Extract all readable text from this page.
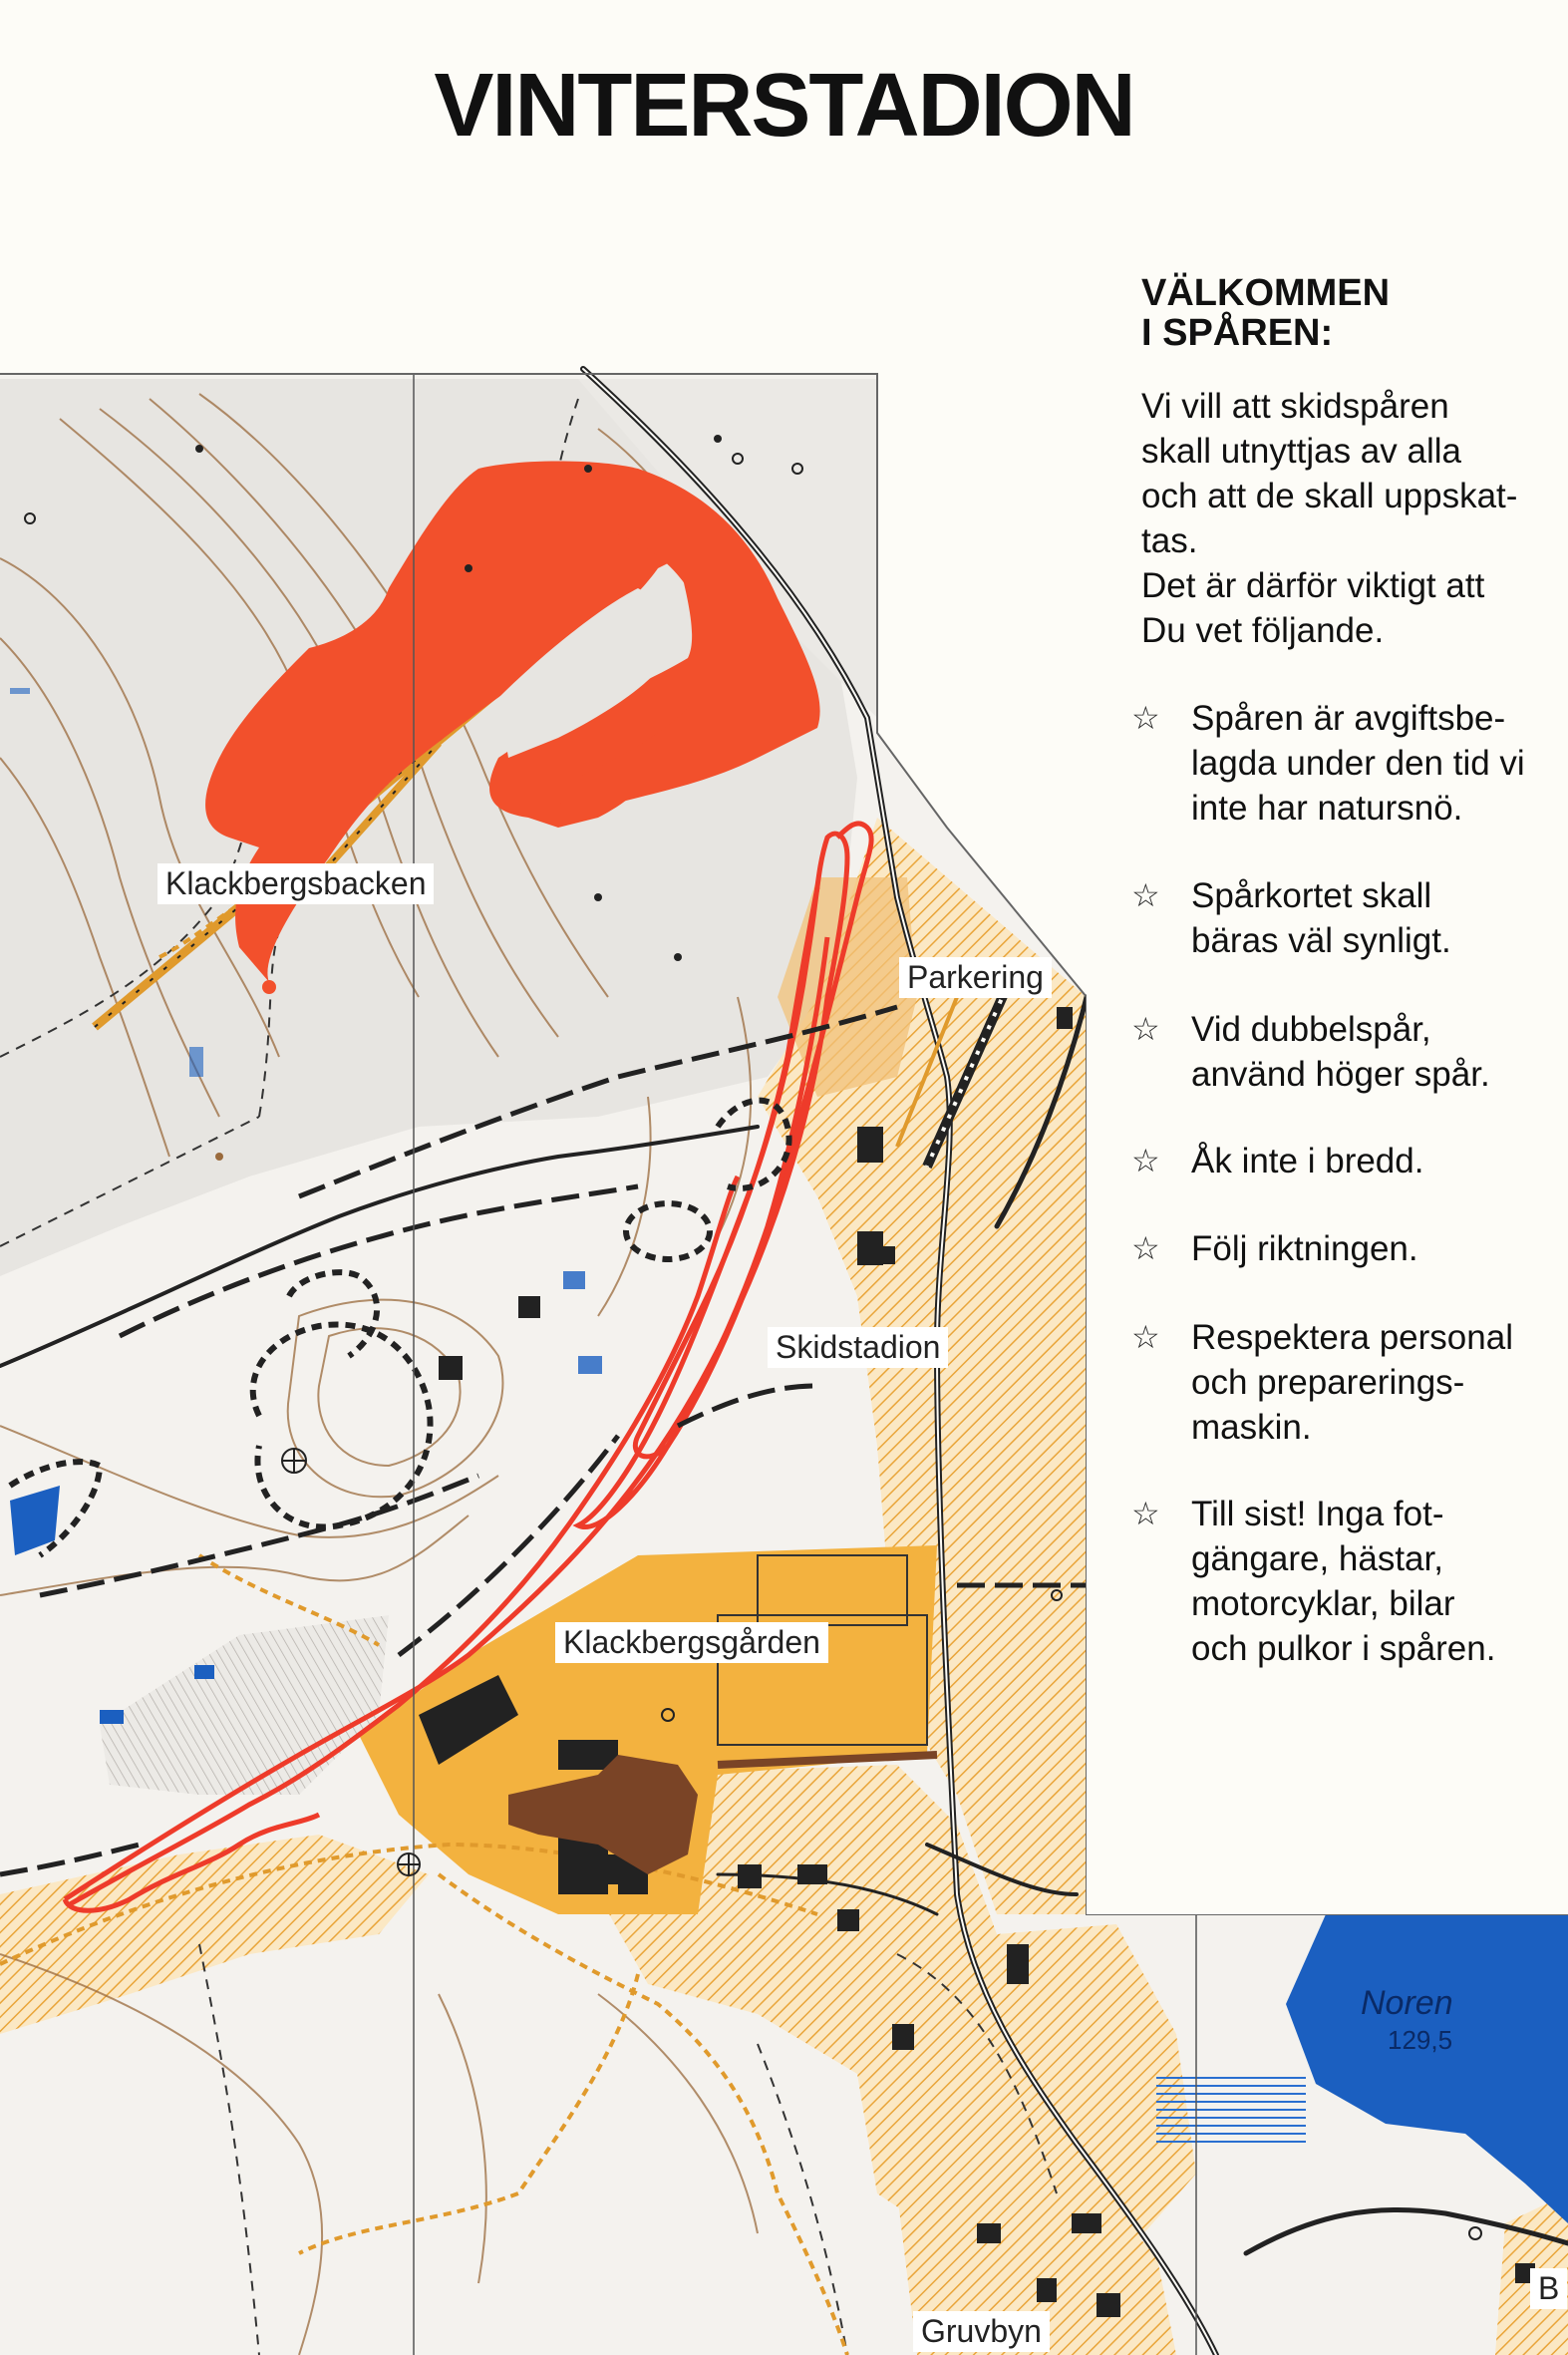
VINTERSTADION
Klackbergsbacken
Parkering
Skidstadion
Klackbergsgården
Noren
129,5
Gruvbyn
B
VÄLKOMMEN
I SPÅREN:
Vi vill att skidspåren
skall utnyttjas av alla
och att de skall uppskat-
tas.
Det är därför viktigt att
Du vet följande.
☆ Spåren är avgiftsbe-
lagda under den tid vi
inte har natursnö.
☆ Spårkortet skall
bäras väl synligt.
☆ Vid dubbelspår,
använd höger spår.
☆ Åk inte i bredd.
☆ Följ riktningen.
☆ Respektera personal
och preparerings-
maskin.
☆ Till sist! Inga fot-
gängare, hästar,
motorcyklar, bilar
och pulkor i spåren.
